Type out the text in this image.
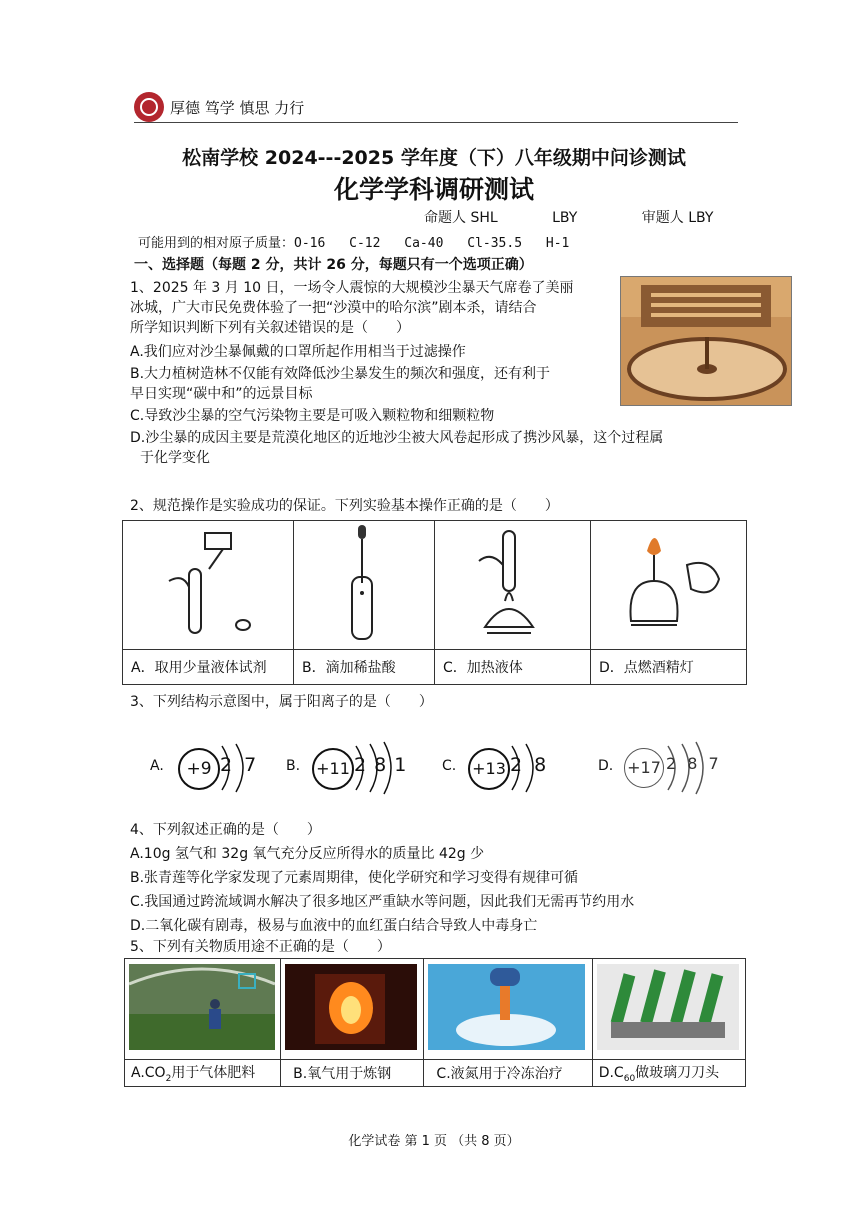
厚德 笃学 慎思 力行
松南学校 2024---2025 学年度（下）八年级期中问诊测试
化学学科调研测试
命题人 SHL	LBY	审题人 LBY
可能用到的相对原子质量：O-16 C-12 Ca-40 Cl-35.5 H-1
一、选择题（每题 2 分，共计 26 分，每题只有一个选项正确）
1、2025 年 3 月 10 日，一场令人震惊的大规模沙尘暴天气席卷了美丽
冰城，广大市民免费体验了一把“沙漠中的哈尔滨”剧本杀，请结合
所学知识判断下列有关叙述错误的是（　　）
A.我们应对沙尘暴佩戴的口罩所起作用相当于过滤操作
B.大力植树造林不仅能有效降低沙尘暴发生的频次和强度，还有利于
早日实现“碳中和”的远景目标
C.导致沙尘暴的空气污染物主要是可吸入颗粒物和细颗粒物
D.沙尘暴的成因主要是荒漠化地区的近地沙尘被大风卷起形成了携沙风暴，这个过程属
于化学变化
2、规范操作是实验成功的保证。下列实验基本操作正确的是（　　）

A．取用少量液体试剂	B．滴加稀盐酸	C．加热液体	D．点燃酒精灯
3、下列结构示意图中，属于阳离子的是（　　）
A.	+9 2 7 B. +11 2 8 1 C. +13 2 8	D. +17 2 8 7
4、下列叙述正确的是（　　）
A.10g 氢气和 32g 氧气充分反应所得水的质量比 42g 少
B.张青莲等化学家发现了元素周期律，使化学研究和学习变得有规律可循
C.我国通过跨流域调水解决了很多地区严重缺水等问题，因此我们无需再节约用水
D.二氧化碳有剧毒，极易与血液中的血红蛋白结合导致人中毒身亡
5、下列有关物质用途不正确的是（　　）

$A.CO_2$用于气体肥料	B.氧气用于炼钢	C.液氮用于冷冻治疗	$D.C_{60}$做玻璃刀刀头
化学试卷 第 1 页 （共 8 页）
